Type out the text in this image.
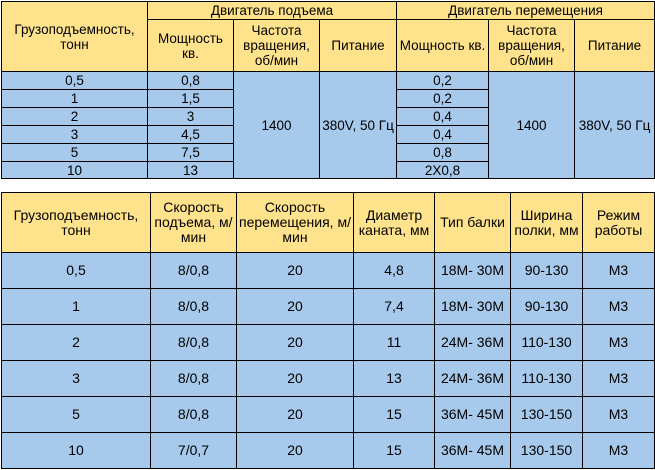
Грузоподъемность, тонн	Двигатель подъема			Двигатель перемещения		
	Мощность кв.	Частота вращения, об/мин	Питание	Мощность кв.	Частота вращения, об/мин	Питание
0,5	0,8	1400	380V, 50 Гц	0,2	1400	380V, 50 Гц
1	1,5			0,2		
2	3			0,4		
3	4,5			0,4		
5	7,5			0,8		
10	13			2X0,8		
Грузоподъемность, тонн	Скорость подъема, м/мин	Скорость перемещения, м/мин	Диаметр каната, мм	Тип балки	Ширина полки, мм	Режим работы
0,5	8/0,8	20	4,8	18M- 30M	90-130	M3
1	8/0,8	20	7,4	18M- 30M	90-130	M3
2	8/0,8	20	11	24M- 36M	110-130	M3
3	8/0,8	20	13	24M- 36M	110-130	M3
5	8/0,8	20	15	36M- 45M	130-150	M3
10	7/0,7	20	15	36M- 45M	130-150	M3
